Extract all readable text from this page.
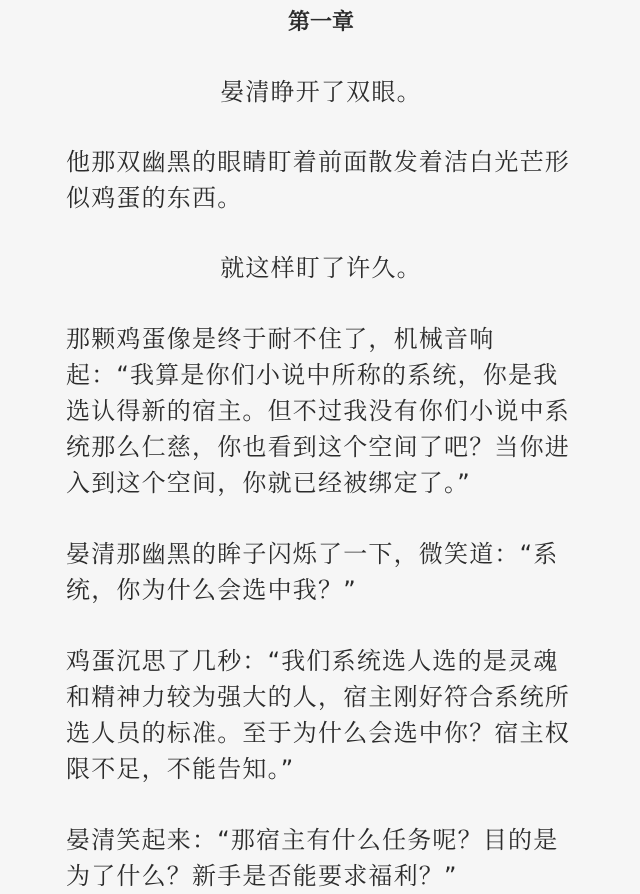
第一章

晏清睁开了双眼。

他那双幽黑的眼睛盯着前面散发着洁白光芒形似鸡蛋的东西。

就这样盯了许久。

那颗鸡蛋像是终于耐不住了，机械音响起：“我算是你们小说中所称的系统，你是我选认得新的宿主。但不过我没有你们小说中系统那么仁慈，你也看到这个空间了吧？当你进入到这个空间，你就已经被绑定了。”

晏清那幽黑的眸子闪烁了一下，微笑道：“系统，你为什么会选中我？”

鸡蛋沉思了几秒：“我们系统选人选的是灵魂和精神力较为强大的人，宿主刚好符合系统所选人员的标准。至于为什么会选中你？宿主权限不足，不能告知。”

晏清笑起来：“那宿主有什么任务呢？目的是为了什么？新手是否能要求福利？”
